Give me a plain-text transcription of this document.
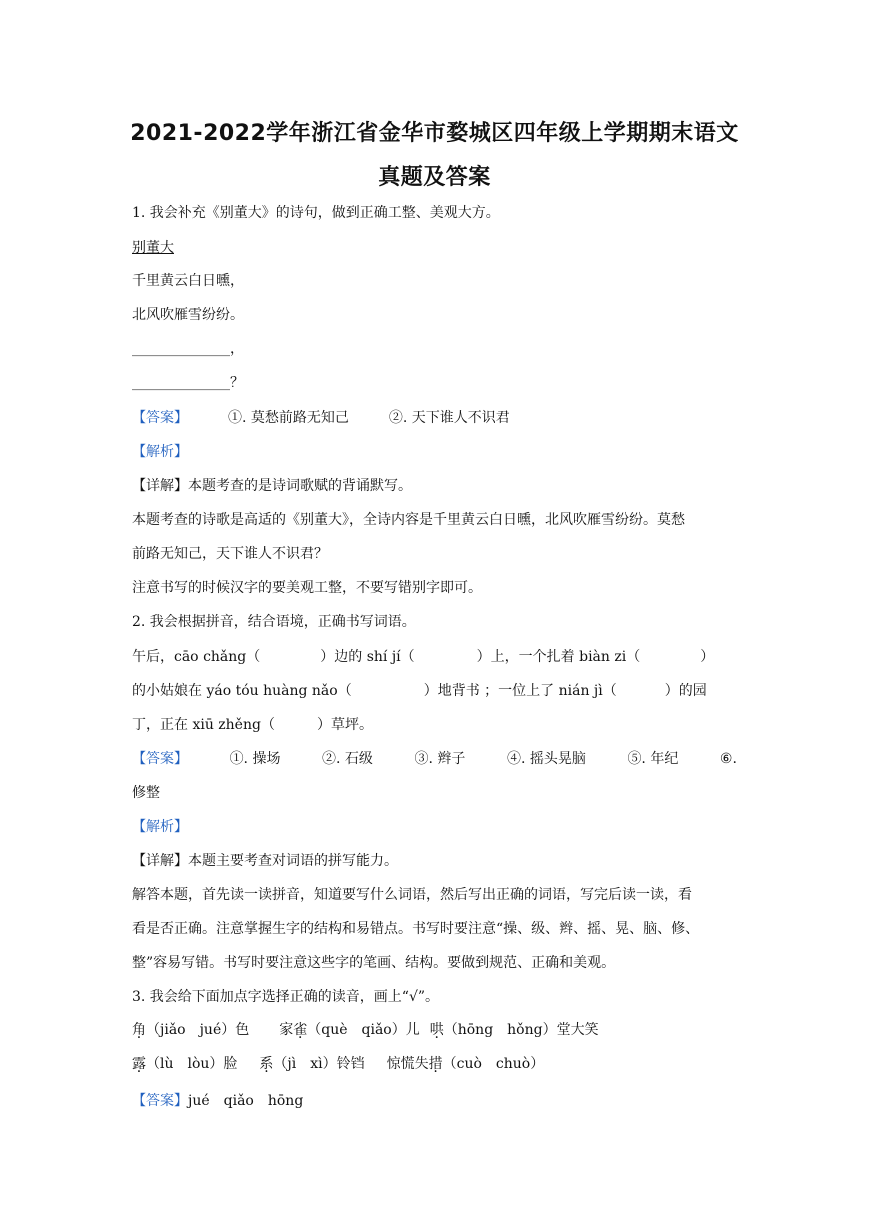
2021-2022学年浙江省金华市婺城区四年级上学期期末语文
真题及答案
1. 我会补充《别董大》的诗句，做到正确工整、美观大方。
别董大
千里黄云白日曛，
北风吹雁雪纷纷。
______________，
______________？
【答案】	①. 莫愁前路无知己	②. 天下谁人不识君
【解析】
【详解】本题考查的是诗词歌赋的背诵默写。
本题考查的诗歌是高适的《别董大》，全诗内容是千里黄云白日曛，北风吹雁雪纷纷。莫愁
前路无知己，天下谁人不识君？
注意书写的时候汉字的要美观工整，不要写错别字即可。
2. 我会根据拼音，结合语境，正确书写词语。
午后，cāo chǎng（	）边的 shí jí（	）上，一个扎着 biàn zi（	）
的小姑娘在 yáo tóu huàng nǎo（	）地背书 ；一位上了 nián jì（	）的园
丁，正在 xiū zhěng（　　　）草坪。
【答案】	①. 操场	②. 石级	③. 辫子	④. 摇头晃脑	⑤. 年纪	⑥.
修整
【解析】
【详解】本题主要考查对词语的拼写能力。
解答本题，首先读一读拼音，知道要写什么词语，然后写出正确的词语，写完后读一读，看
看是否正确。注意掌握生字的结构和易错点。书写时要注意“操、级、辫、摇、晃、脑、修、
整”容易写错。书写时要注意这些字的笔画、结构。要做到规范、正确和美观。
3. 我会给下面加点字选择正确的读音，画上“√”。
角（jiǎo　jué）色 家雀（què　qiǎo）儿 哄（hōng　hǒng）堂大笑
露（lù　lòu）脸 系（jì　xì）铃铛 惊慌失措（cuò　chuò）
【答案】jué　qiǎo　hōng
